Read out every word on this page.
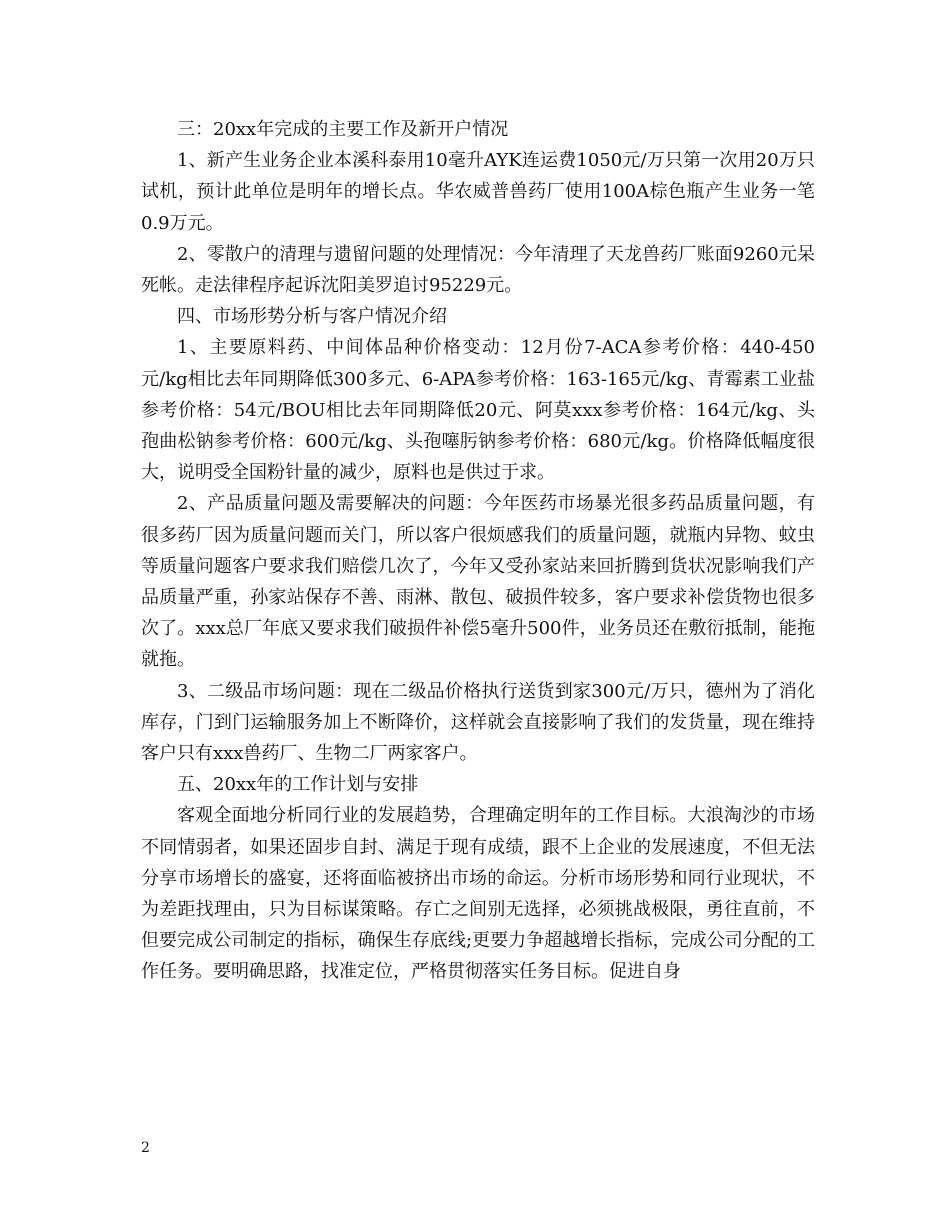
三：20xx年完成的主要工作及新开户情况

1、新产生业务企业本溪科泰用10毫升AYK连运费1050元/万只第一次用20万只试机，预计此单位是明年的增长点。华农威普兽药厂使用100A棕色瓶产生业务一笔0.9万元。

2、零散户的清理与遗留问题的处理情况：今年清理了天龙兽药厂账面9260元呆死帐。走法律程序起诉沈阳美罗追讨95229元。

四、市场形势分析与客户情况介绍

1、主要原料药、中间体品种价格变动：12月份7-ACA参考价格：440-450元/kg相比去年同期降低300多元、6-APA参考价格：163-165元/kg、青霉素工业盐参考价格：54元/BOU相比去年同期降低20元、阿莫xxx参考价格：164元/kg、头孢曲松钠参考价格：600元/kg、头孢噻肟钠参考价格：680元/kg。价格降低幅度很大，说明受全国粉针量的减少，原料也是供过于求。

2、产品质量问题及需要解决的问题：今年医药市场暴光很多药品质量问题，有很多药厂因为质量问题而关门，所以客户很烦感我们的质量问题，就瓶内异物、蚊虫等质量问题客户要求我们赔偿几次了，今年又受孙家站来回折腾到货状况影响我们产品质量严重，孙家站保存不善、雨淋、散包、破损件较多，客户要求补偿货物也很多次了。xxx总厂年底又要求我们破损件补偿5毫升500件，业务员还在敷衍抵制，能拖就拖。

3、二级品市场问题：现在二级品价格执行送货到家300元/万只，德州为了消化库存，门到门运输服务加上不断降价，这样就会直接影响了我们的发货量，现在维持客户只有xxx兽药厂、生物二厂两家客户。

五、20xx年的工作计划与安排

客观全面地分析同行业的发展趋势，合理确定明年的工作目标。大浪淘沙的市场不同情弱者，如果还固步自封、满足于现有成绩，跟不上企业的发展速度，不但无法分享市场增长的盛宴，还将面临被挤出市场的命运。分析市场形势和同行业现状，不为差距找理由，只为目标谋策略。存亡之间别无选择，必须挑战极限，勇往直前，不但要完成公司制定的指标，确保生存底线;更要力争超越增长指标，完成公司分配的工作任务。要明确思路，找准定位，严格贯彻落实任务目标。促进自身

2
